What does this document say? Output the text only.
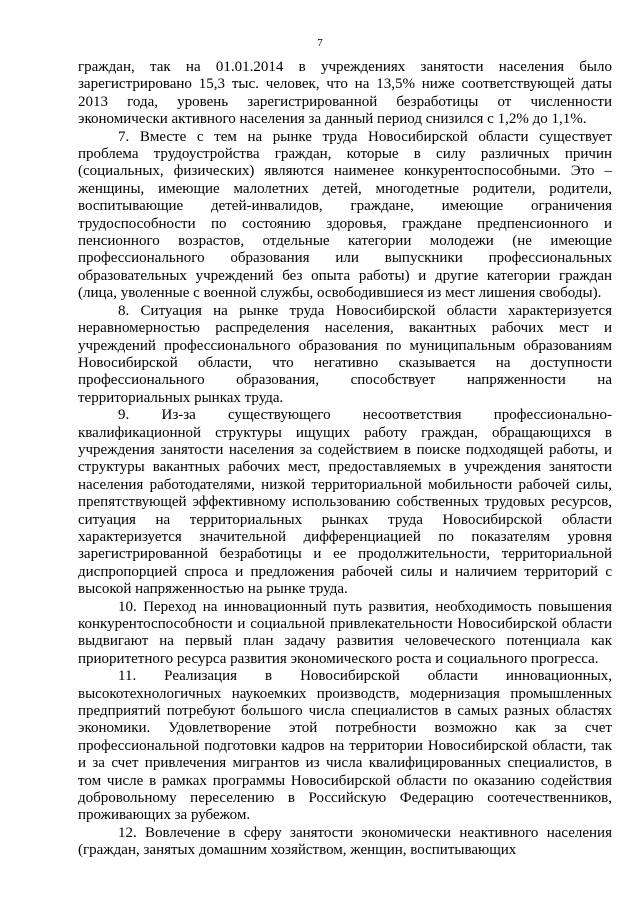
7

граждан, так на 01.01.2014 в учреждениях занятости населения было зарегистрировано 15,3 тыс. человек, что на 13,5% ниже соответствующей даты 2013 года, уровень зарегистрированной безработицы от численности экономически активного населения за данный период снизился с 1,2% до 1,1%.

7. Вместе с тем на рынке труда Новосибирской области существует проблема трудоустройства граждан, которые в силу различных причин (социальных, физических) являются наименее конкурентоспособными. Это – женщины, имеющие малолетних детей, многодетные родители, родители, воспитывающие детей-инвалидов, граждане, имеющие ограничения трудоспособности по состоянию здоровья, граждане предпенсионного и пенсионного возрастов, отдельные категории молодежи (не имеющие профессионального образования или выпускники профессиональных образовательных учреждений без опыта работы) и другие категории граждан (лица, уволенные с военной службы, освободившиеся из мест лишения свободы).

8. Ситуация на рынке труда Новосибирской области характеризуется неравномерностью распределения населения, вакантных рабочих мест и учреждений профессионального образования по муниципальным образованиям Новосибирской области, что негативно сказывается на доступности профессионального образования, способствует напряженности на территориальных рынках труда.

9. Из-за существующего несоответствия профессионально-квалификационной структуры ищущих работу граждан, обращающихся в учреждения занятости населения за содействием в поиске подходящей работы, и структуры вакантных рабочих мест, предоставляемых в учреждения занятости населения работодателями, низкой территориальной мобильности рабочей силы, препятствующей эффективному использованию собственных трудовых ресурсов, ситуация на территориальных рынках труда Новосибирской области характеризуется значительной дифференциацией по показателям уровня зарегистрированной безработицы и ее продолжительности, территориальной диспропорцией спроса и предложения рабочей силы и наличием территорий с высокой напряженностью на рынке труда.

10. Переход на инновационный путь развития, необходимость повышения конкурентоспособности и социальной привлекательности Новосибирской области выдвигают на первый план задачу развития человеческого потенциала как приоритетного ресурса развития экономического роста и социального прогресса.

11. Реализация в Новосибирской области инновационных, высокотехнологичных наукоемких производств, модернизация промышленных предприятий потребуют большого числа специалистов в самых разных областях экономики. Удовлетворение этой потребности возможно как за счет профессиональной подготовки кадров на территории Новосибирской области, так и за счет привлечения мигрантов из числа квалифицированных специалистов, в том числе в рамках программы Новосибирской области по оказанию содействия добровольному переселению в Российскую Федерацию соотечественников, проживающих за рубежом.

12. Вовлечение в сферу занятости экономически неактивного населения (граждан, занятых домашним хозяйством, женщин, воспитывающих
